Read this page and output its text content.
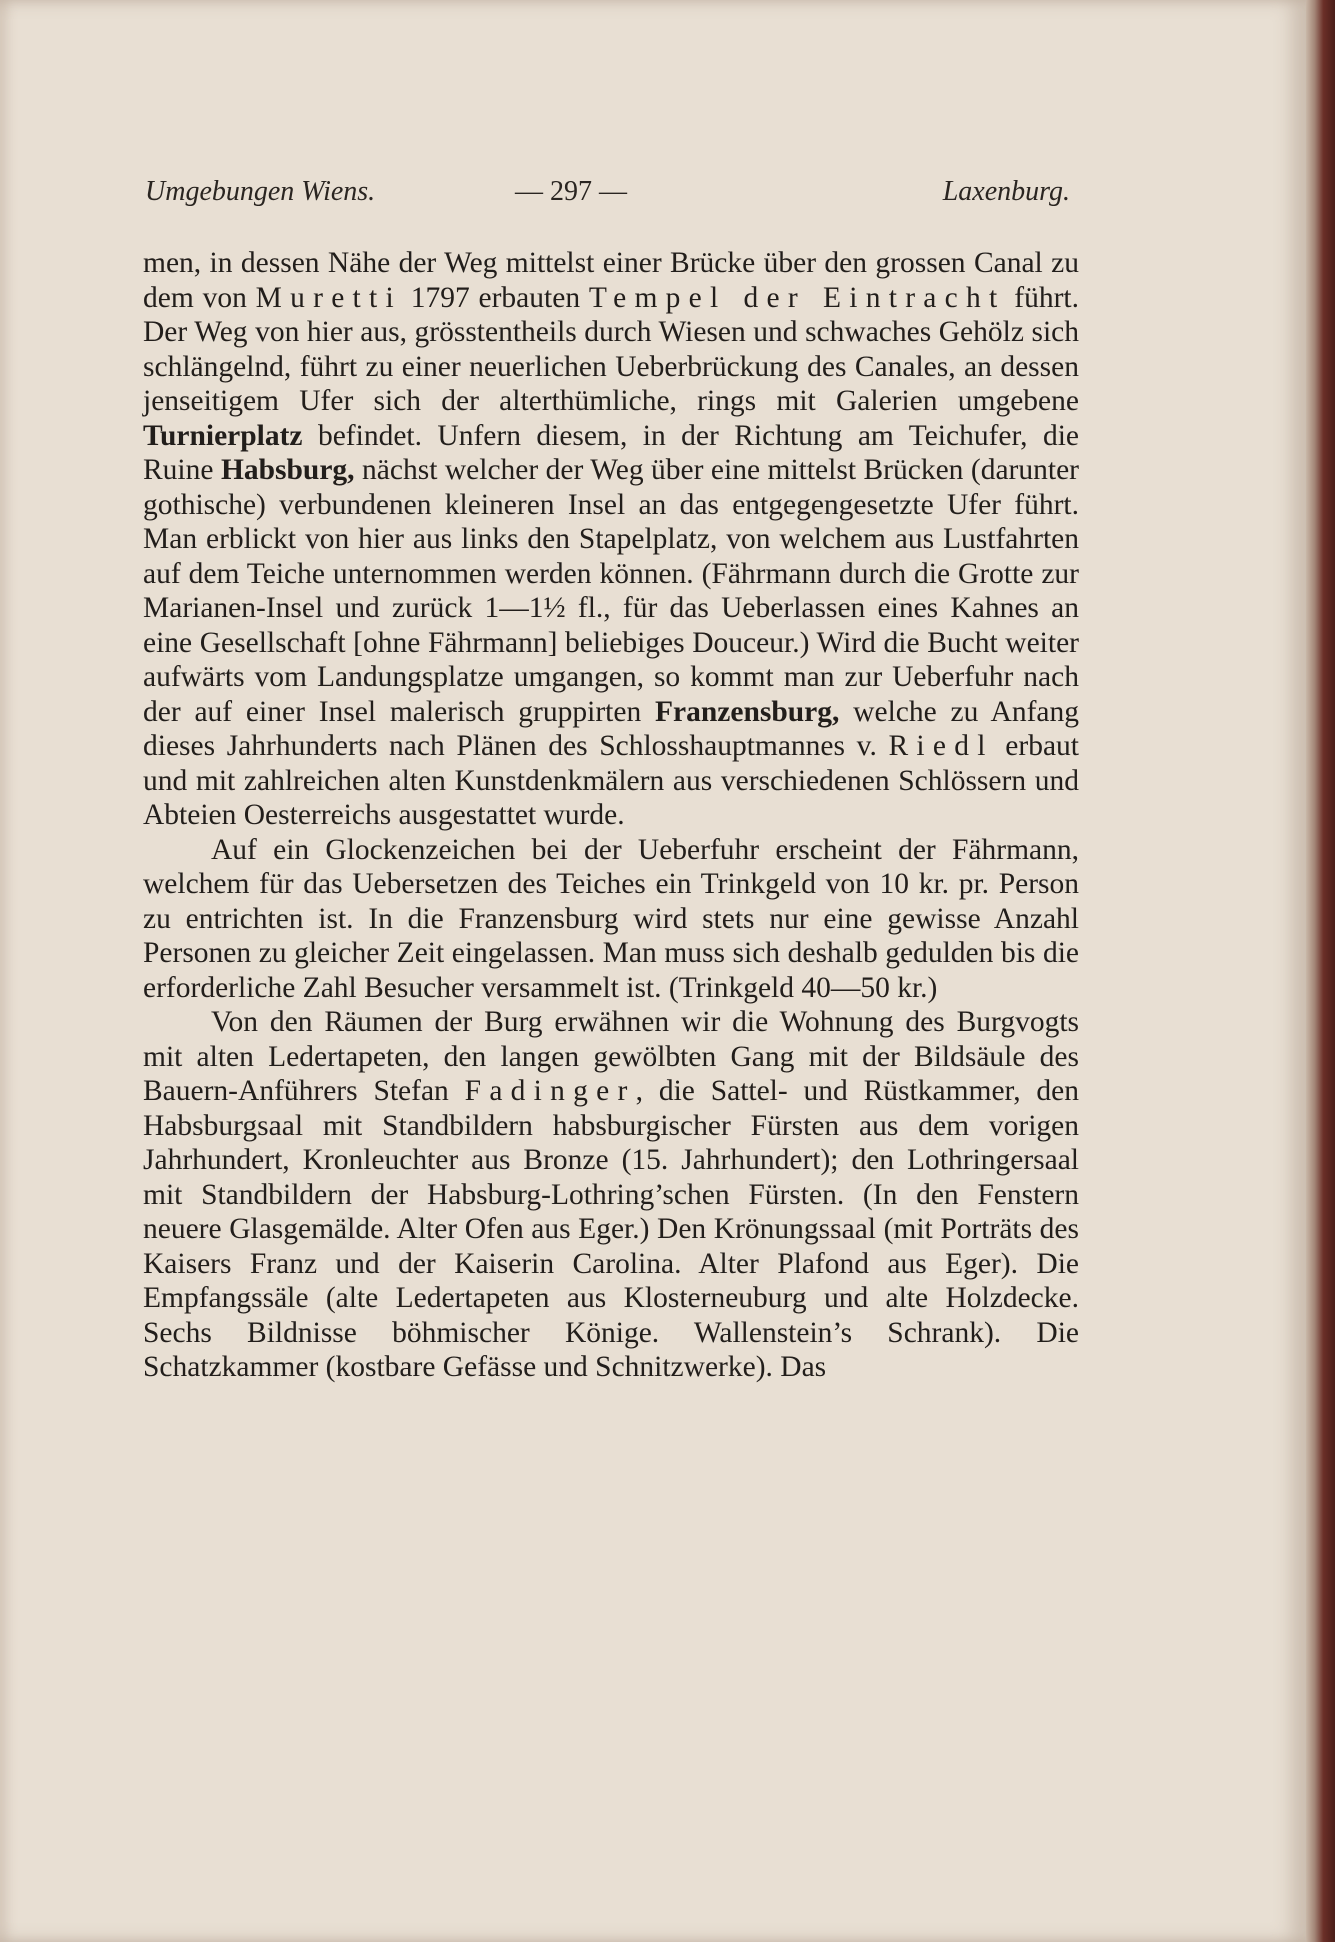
Umgebungen Wiens.	— 297 —	Laxenburg.

men, in dessen Nähe der Weg mittelst einer Brücke über den grossen Canal zu dem von Muretti 1797 erbauten Tempel der Eintracht führt. Der Weg von hier aus, grösstentheils durch Wiesen und schwaches Gehölz sich schlängelnd, führt zu einer neuerlichen Ueberbrückung des Canales, an dessen jenseitigem Ufer sich der alterthümliche, rings mit Galerien umgebene Turnierplatz befindet. Unfern diesem, in der Richtung am Teichufer, die Ruine Habsburg, nächst welcher der Weg über eine mittelst Brücken (darunter gothische) verbundenen kleineren Insel an das entgegengesetzte Ufer führt. Man erblickt von hier aus links den Stapelplatz, von welchem aus Lustfahrten auf dem Teiche unternommen werden können. (Fährmann durch die Grotte zur Marianen-Insel und zurück 1—1½ fl., für das Ueberlassen eines Kahnes an eine Gesellschaft [ohne Fährmann] beliebiges Douceur.) Wird die Bucht weiter aufwärts vom Landungsplatze umgangen, so kommt man zur Ueberfuhr nach der auf einer Insel malerisch gruppirten Franzensburg, welche zu Anfang dieses Jahrhunderts nach Plänen des Schlosshauptmannes v. Riedl erbaut und mit zahlreichen alten Kunstdenkmälern aus verschiedenen Schlössern und Abteien Oesterreichs ausgestattet wurde.

Auf ein Glockenzeichen bei der Ueberfuhr erscheint der Fährmann, welchem für das Uebersetzen des Teiches ein Trinkgeld von 10 kr. pr. Person zu entrichten ist. In die Franzensburg wird stets nur eine gewisse Anzahl Personen zu gleicher Zeit eingelassen. Man muss sich deshalb gedulden bis die erforderliche Zahl Besucher versammelt ist. (Trinkgeld 40—50 kr.)

Von den Räumen der Burg erwähnen wir die Wohnung des Burgvogts mit alten Ledertapeten, den langen gewölbten Gang mit der Bildsäule des Bauern-Anführers Stefan Fadinger, die Sattel- und Rüstkammer, den Habsburgsaal mit Standbildern habsburgischer Fürsten aus dem vorigen Jahrhundert, Kronleuchter aus Bronze (15. Jahrhundert); den Lothringersaal mit Standbildern der Habsburg-Lothring’schen Fürsten. (In den Fenstern neuere Glasgemälde. Alter Ofen aus Eger.) Den Krönungssaal (mit Porträts des Kaisers Franz und der Kaiserin Carolina. Alter Plafond aus Eger). Die Empfangssäle (alte Ledertapeten aus Klosterneuburg und alte Holzdecke. Sechs Bildnisse böhmischer Könige. Wallenstein’s Schrank). Die Schatzkammer (kostbare Gefässe und Schnitzwerke). Das
